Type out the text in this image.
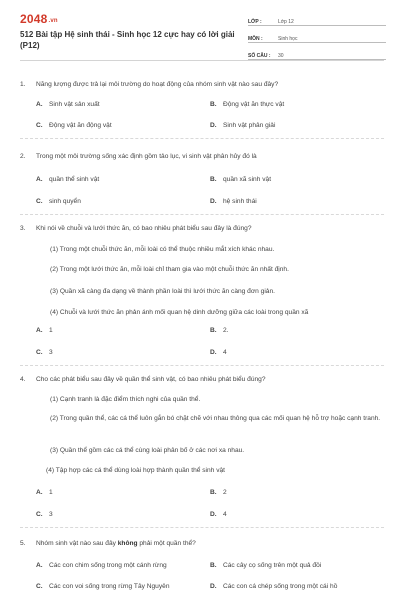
2048.vn
512 Bài tập Hệ sinh thái - Sinh học 12 cực hay có lời giải (P12)
LỚP :	Lớp 12
MÔN :	Sinh học
SỐ CÂU :	30
1. Năng lượng được trả lại môi trường do hoạt động của nhóm sinh vật nào sau đây?
A. Sinh vật sản xuất	B. Động vật ăn thực vật
C. Động vật ăn động vật	D. Sinh vật phân giải
2. Trong một môi trường sống xác định gồm tảo lục, vi sinh vật phân hủy đó là
A. quần thể sinh vật	B. quần xã sinh vật
C. sinh quyển	D. hệ sinh thái
3. Khi nói về chuỗi và lưới thức ăn, có bao nhiêu phát biểu sau đây là đúng?
(1) Trong một chuỗi thức ăn, mỗi loài có thể thuộc nhiều mắt xích khác nhau.
(2) Trong một lưới thức ăn, mỗi loài chỉ tham gia vào một chuỗi thức ăn nhất định.
(3) Quần xã càng đa dạng về thành phần loài thì lưới thức ăn càng đơn giản.
(4) Chuỗi và lưới thức ăn phản ánh mối quan hệ dinh dưỡng giữa các loài trong quần xã
A. 1	B. 2.
C. 3	D. 4
4. Cho các phát biểu sau đây về quần thể sinh vật, có bao nhiêu phát biểu đúng?
(1) Cạnh tranh là đặc điểm thích nghi của quần thể.
(2) Trong quần thể, các cá thể luôn gắn bó chặt chẽ với nhau thông qua các mối quan hệ hỗ trợ hoặc cạnh tranh.
(3) Quần thể gồm các cá thể cùng loài phân bố ở các nơi xa nhau.
(4) Tập hợp các cá thể dùng loài hợp thành quần thể sinh vật
A. 1	B. 2
C. 3	D. 4
5. Nhóm sinh vật nào sau đây không phải một quần thể?
A. Các con chim sống trong một cánh rừng	B. Các cây cọ sống trên một quả đồi
C. Các con voi sống trong rừng Tây Nguyên	D. Các con cá chép sống trong một cái hồ
